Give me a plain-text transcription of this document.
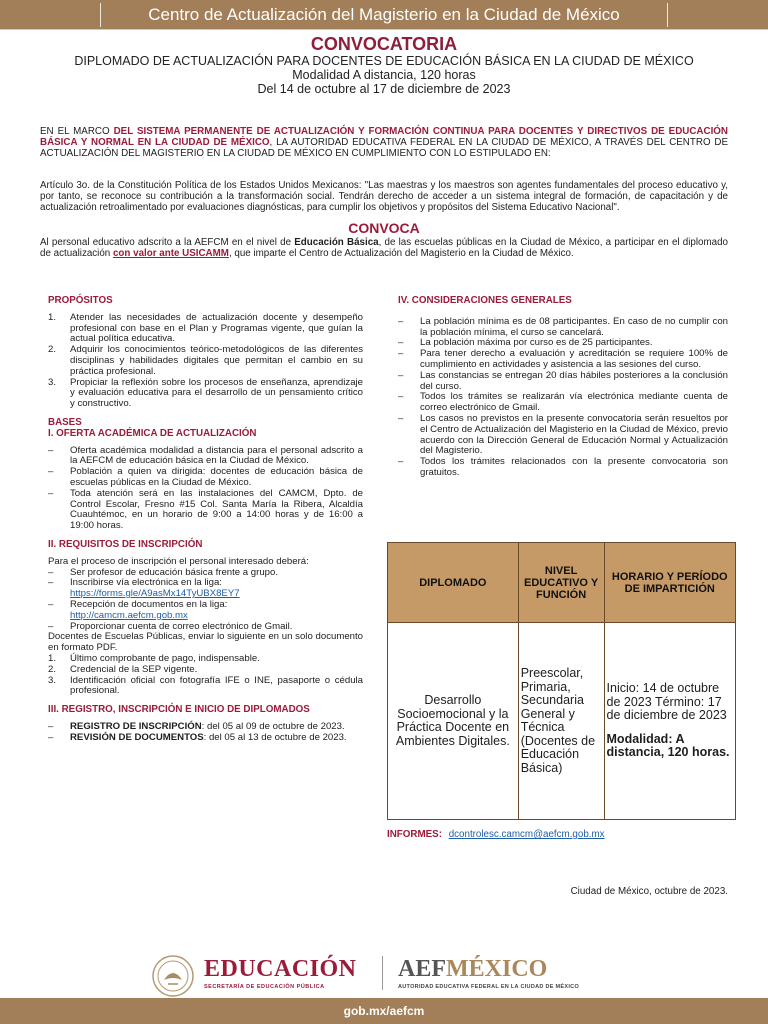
Centro de Actualización del Magisterio en la Ciudad de México
CONVOCATORIA
DIPLOMADO DE ACTUALIZACIÓN PARA DOCENTES DE EDUCACIÓN BÁSICA EN LA CIUDAD DE MÉXICO
Modalidad A distancia, 120 horas
Del 14 de octubre al 17 de diciembre de 2023
EN EL MARCO DEL SISTEMA PERMANENTE DE ACTUALIZACIÓN Y FORMACIÓN CONTINUA PARA DOCENTES Y DIRECTIVOS DE EDUCACIÓN BÁSICA Y NORMAL EN LA CIUDAD DE MÉXICO, LA AUTORIDAD EDUCATIVA FEDERAL EN LA CIUDAD DE MÉXICO, A TRAVÉS DEL CENTRO DE ACTUALIZACIÓN DEL MAGISTERIO EN LA CIUDAD DE MÉXICO EN CUMPLIMIENTO CON LO ESTIPULADO EN:
Artículo 3o. de la Constitución Política de los Estados Unidos Mexicanos: "Las maestras y los maestros son agentes fundamentales del proceso educativo y, por tanto, se reconoce su contribución a la transformación social. Tendrán derecho de acceder a un sistema integral de formación, de capacitación y de actualización retroalimentado por evaluaciones diagnósticas, para cumplir los objetivos y propósitos del Sistema Educativo Nacional".
CONVOCA
Al personal educativo adscrito a la AEFCM en el nivel de Educación Básica, de las escuelas públicas en la Ciudad de México, a participar en el diplomado de actualización con valor ante USICAMM, que imparte el Centro de Actualización del Magisterio en la Ciudad de México.
PROPÓSITOS
1.	Atender las necesidades de actualización docente y desempeño profesional con base en el Plan y Programas vigente, que guían la actual política educativa.
2.	Adquirir los conocimientos teórico-metodológicos de las diferentes disciplinas y habilidades digitales que permitan el cambio en su práctica profesional.
3.	Propiciar la reflexión sobre los procesos de enseñanza, aprendizaje y evaluación educativa para el desarrollo de un pensamiento crítico y constructivo.
BASES
I. OFERTA ACADÉMICA DE ACTUALIZACIÓN
–	Oferta académica modalidad a distancia para el personal adscrito a la AEFCM de educación básica en la Ciudad de México.
–	Población a quien va dirigida: docentes de educación básica de escuelas públicas en la Ciudad de México.
–	Toda atención será en las instalaciones del CAMCM, Dpto. de Control Escolar, Fresno #15 Col. Santa María la Ribera, Alcaldía Cuauhtémoc, en un horario de 9:00 a 14:00 horas y de 16:00 a 19:00 horas.
II. REQUISITOS DE INSCRIPCIÓN
Para el proceso de inscripción el personal interesado deberá:
–	Ser profesor de educación básica frente a grupo.
–	Inscribirse vía electrónica en la liga:
https://forms.gle/A9asMx14TyUBX8EY7
–	Recepción de documentos en la liga:
http://camcm.aefcm.gob.mx
–	Proporcionar cuenta de correo electrónico de Gmail.
Docentes de Escuelas Públicas, enviar lo siguiente en un solo documento en formato PDF.
1.	Último comprobante de pago, indispensable.
2.	Credencial de la SEP vigente.
3.	Identificación oficial con fotografía IFE o INE, pasaporte o cédula profesional.
III. REGISTRO, INSCRIPCIÓN E INICIO DE DIPLOMADOS
–	REGISTRO DE INSCRIPCIÓN: del 05 al 09 de octubre de 2023.
–	REVISIÓN DE DOCUMENTOS: del 05 al 13 de octubre de 2023.
IV. CONSIDERACIONES GENERALES
–	La población mínima es de 08 participantes. En caso de no cumplir con la población mínima, el curso se cancelará.
–	La población máxima por curso es de 25 participantes.
–	Para tener derecho a evaluación y acreditación se requiere 100% de cumplimiento en actividades y asistencia a las sesiones del curso.
–	Las constancias se entregan 20 días hábiles posteriores a la conclusión del curso.
–	Todos los trámites se realizarán vía electrónica mediante cuenta de correo electrónico de Gmail.
–	Los casos no previstos en la presente convocatoria serán resueltos por el Centro de Actualización del Magisterio en la Ciudad de México, previo acuerdo con la Dirección General de Educación Normal y Actualización del Magisterio.
–	Todos los trámites relacionados con la presente convocatoria son gratuitos.
DIPLOMADO	NIVEL EDUCATIVO Y FUNCIÓN	HORARIO Y PERÍODO DE IMPARTICIÓN
Desarrollo Socioemocional y la Práctica Docente en Ambientes Digitales.	Preescolar, Primaria, Secundaria General y Técnica (Docentes de Educación Básica)	Inicio: 14 de octubre de 2023 Término: 17 de diciembre de 2023
Modalidad: A distancia, 120 horas.
INFORMES: dcontrolesc.camcm@aefcm.gob.mx
Ciudad de México, octubre de 2023.
EDUCACIÓN
SECRETARÍA DE EDUCACIÓN PÚBLICA
AEFMÉXICO
AUTORIDAD EDUCATIVA FEDERAL EN LA CIUDAD DE MÉXICO
gob.mx/aefcm
